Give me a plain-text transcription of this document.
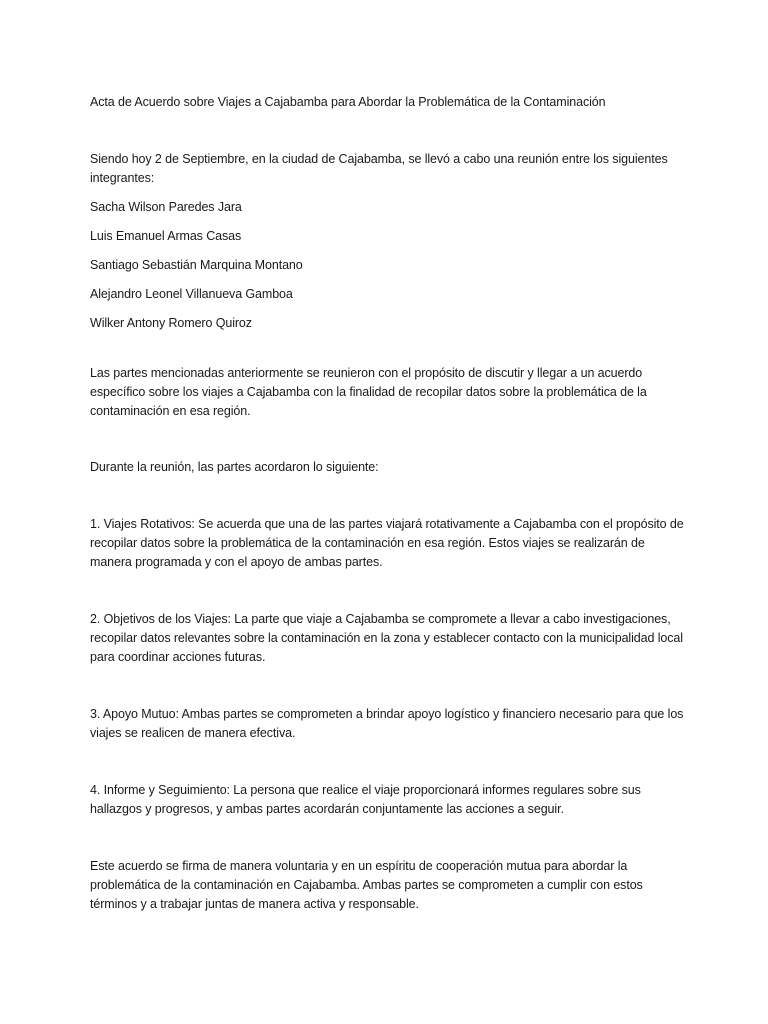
Acta de Acuerdo sobre Viajes a Cajabamba para Abordar la Problemática de la Contaminación

Siendo hoy 2 de Septiembre, en la ciudad de Cajabamba, se llevó a cabo una reunión entre los siguientes integrantes:

Sacha Wilson Paredes Jara
Luis Emanuel Armas Casas
Santiago Sebastián Marquina Montano
Alejandro Leonel Villanueva Gamboa
Wilker Antony Romero Quiroz

Las partes mencionadas anteriormente se reunieron con el propósito de discutir y llegar a un acuerdo específico sobre los viajes a Cajabamba con la finalidad de recopilar datos sobre la problemática de la contaminación en esa región.

Durante la reunión, las partes acordaron lo siguiente:

1. Viajes Rotativos: Se acuerda que una de las partes viajará rotativamente a Cajabamba con el propósito de recopilar datos sobre la problemática de la contaminación en esa región. Estos viajes se realizarán de manera programada y con el apoyo de ambas partes.

2. Objetivos de los Viajes: La parte que viaje a Cajabamba se compromete a llevar a cabo investigaciones, recopilar datos relevantes sobre la contaminación en la zona y establecer contacto con la municipalidad local para coordinar acciones futuras.

3. Apoyo Mutuo: Ambas partes se comprometen a brindar apoyo logístico y financiero necesario para que los viajes se realicen de manera efectiva.

4. Informe y Seguimiento: La persona que realice el viaje proporcionará informes regulares sobre sus hallazgos y progresos, y ambas partes acordarán conjuntamente las acciones a seguir.

Este acuerdo se firma de manera voluntaria y en un espíritu de cooperación mutua para abordar la problemática de la contaminación en Cajabamba. Ambas partes se comprometen a cumplir con estos términos y a trabajar juntas de manera activa y responsable.
